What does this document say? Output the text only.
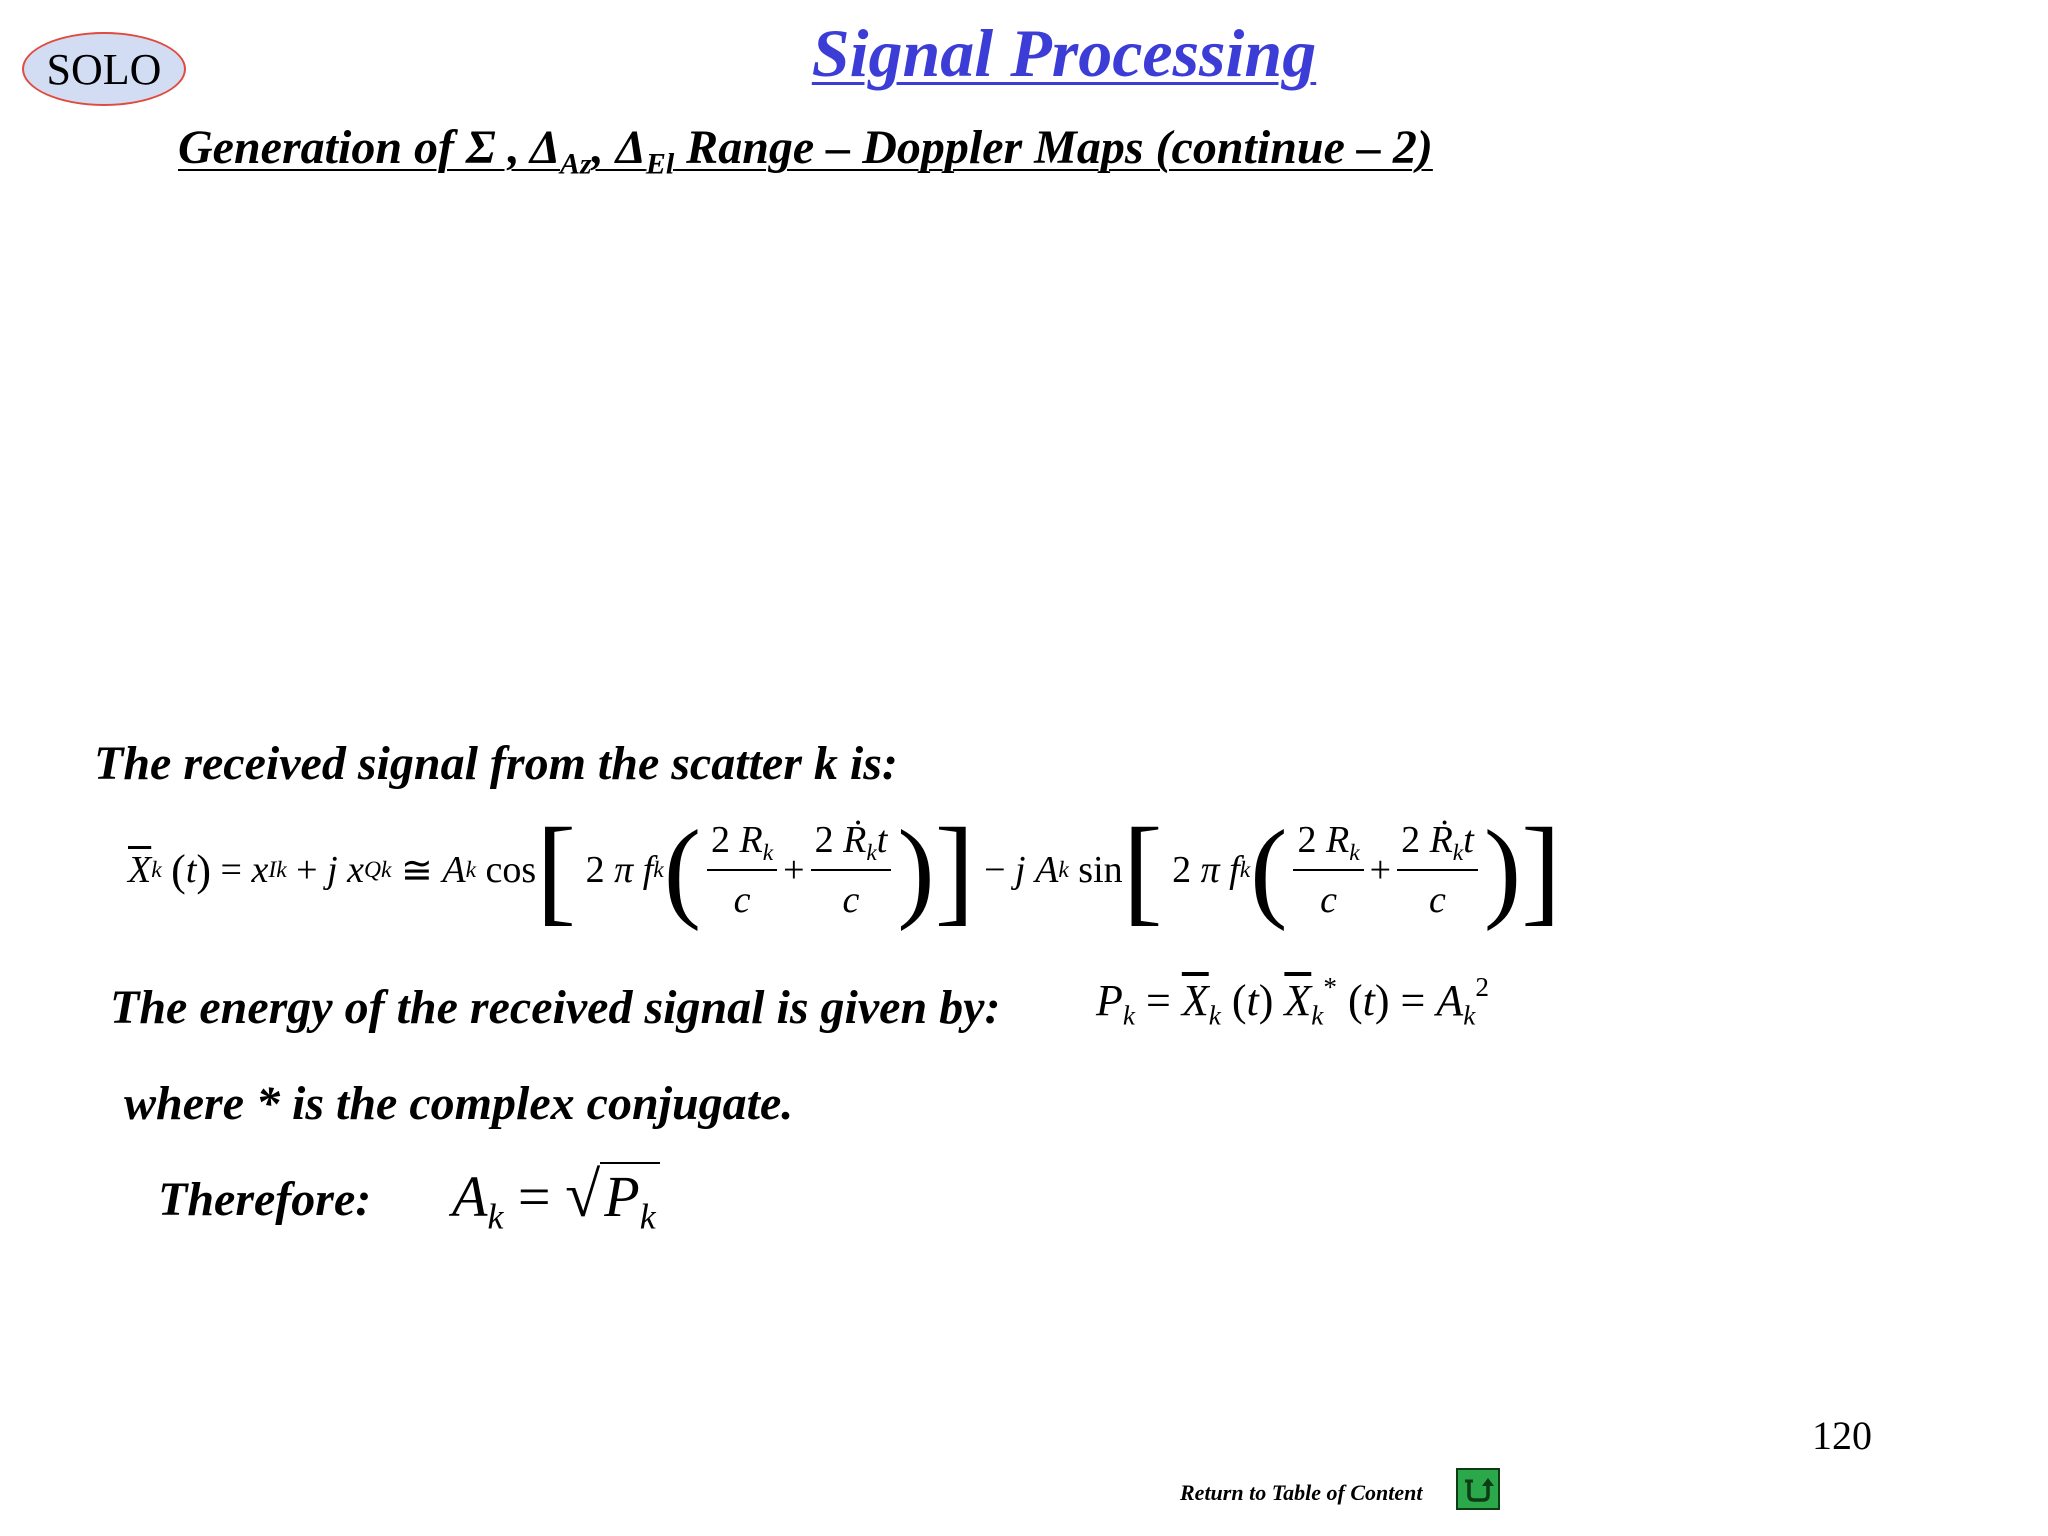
SOLO	Signal Processing
Generation of Σ , $\Delta_{Az}$, $\Delta_{El}$ Range – Doppler Maps (continue – 2)
The received signal from the scatter k is:
$\overline{X}$ k
( t ) = x Ik + j
x Qk ≅ A k cos [ 2 π
f k ( $\frac{2 R_k}{c} + \frac{2 Ṙ_kt}{c}$ ) ] − j
A k sin [ 2 π
f k ( $\frac{2 R_k}{c} + \frac{2 Ṙ_kt}{c}$ ) ]
The energy of the received signal is given by: $P_k = \overline{X}_k$ (t) $\overline{X}_k^*$ $(t) = A_k^2$
where * is the complex conjugate.
Therefore: $A_k = √P_k$
120
Return to Table of Content
